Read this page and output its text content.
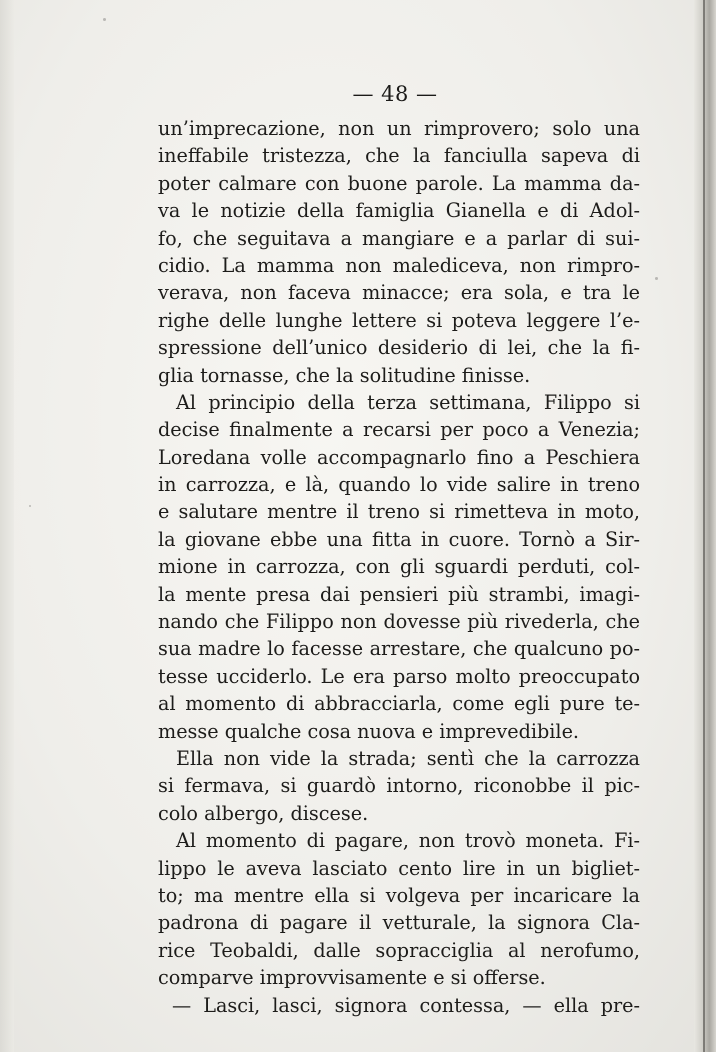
— 48 —
un’imprecazione, non un rimprovero; solo una
ineffabile tristezza, che la fanciulla sapeva di
poter calmare con buone parole. La mamma da-
va le notizie della famiglia Gianella e di Adol-
fo, che seguitava a mangiare e a parlar di sui-
cidio. La mamma non malediceva, non rimpro-
verava, non faceva minacce; era sola, e tra le
righe delle lunghe lettere si poteva leggere l’e-
spressione dell’unico desiderio di lei, che la fi-
glia tornasse, che la solitudine finisse.
Al principio della terza settimana, Filippo si
decise finalmente a recarsi per poco a Venezia;
Loredana volle accompagnarlo fino a Peschiera
in carrozza, e là, quando lo vide salire in treno
e salutare mentre il treno si rimetteva in moto,
la giovane ebbe una fitta in cuore. Tornò a Sir-
mione in carrozza, con gli sguardi perduti, col-
la mente presa dai pensieri più strambi, imagi-
nando che Filippo non dovesse più rivederla, che
sua madre lo facesse arrestare, che qualcuno po-
tesse ucciderlo. Le era parso molto preoccupato
al momento di abbracciarla, come egli pure te-
messe qualche cosa nuova e imprevedibile.
Ella non vide la strada; sentì che la carrozza
si fermava, si guardò intorno, riconobbe il pic-
colo albergo, discese.
Al momento di pagare, non trovò moneta. Fi-
lippo le aveva lasciato cento lire in un bigliet-
to; ma mentre ella si volgeva per incaricare la
padrona di pagare il vetturale, la signora Cla-
rice Teobaldi, dalle sopracciglia al nerofumo,
comparve improvvisamente e si offerse.
— Lasci, lasci, signora contessa, — ella pre-
